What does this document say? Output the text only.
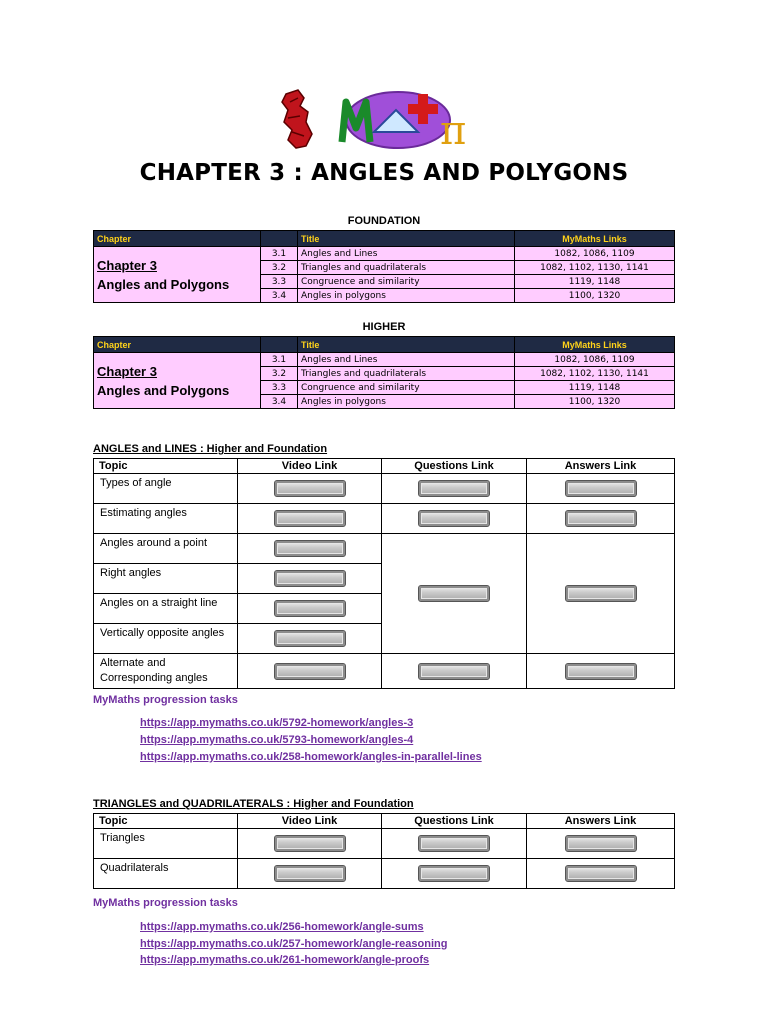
π
CHAPTER 3 : ANGLES AND POLYGONS
FOUNDATION
Chapter		Title	MyMaths Links

Chapter 3
Angles and Polygons	3.1	Angles and Lines	1082, 1086, 1109
	3.2	Triangles and quadrilaterals	1082, 1102, 1130, 1141
	3.3	Congruence and similarity	1119, 1148
	3.4	Angles in polygons	1100, 1320
HIGHER
Chapter		Title	MyMaths Links

Chapter 3
Angles and Polygons	3.1	Angles and Lines	1082, 1086, 1109
	3.2	Triangles and quadrilaterals	1082, 1102, 1130, 1141
	3.3	Congruence and similarity	1119, 1148
	3.4	Angles in polygons	1100, 1320
ANGLES and LINES : Higher and Foundation
Topic	Video Link	Questions Link	Answers Link
Types of angle	

Estimating angles	

Angles around a point	

Right angles			

Angles on a straight line			

Vertically opposite angles			

Alternate and Corresponding angles	

MyMaths progression tasks
https://app.mymaths.co.uk/5792-homework/angles-3
https://app.mymaths.co.uk/5793-homework/angles-4
https://app.mymaths.co.uk/258-homework/angles-in-parallel-lines
TRIANGLES and QUADRILATERALS : Higher and Foundation
Topic	Video Link	Questions Link	Answers Link
Triangles	

Quadrilaterals	

MyMaths progression tasks
https://app.mymaths.co.uk/256-homework/angle-sums
https://app.mymaths.co.uk/257-homework/angle-reasoning
https://app.mymaths.co.uk/261-homework/angle-proofs
